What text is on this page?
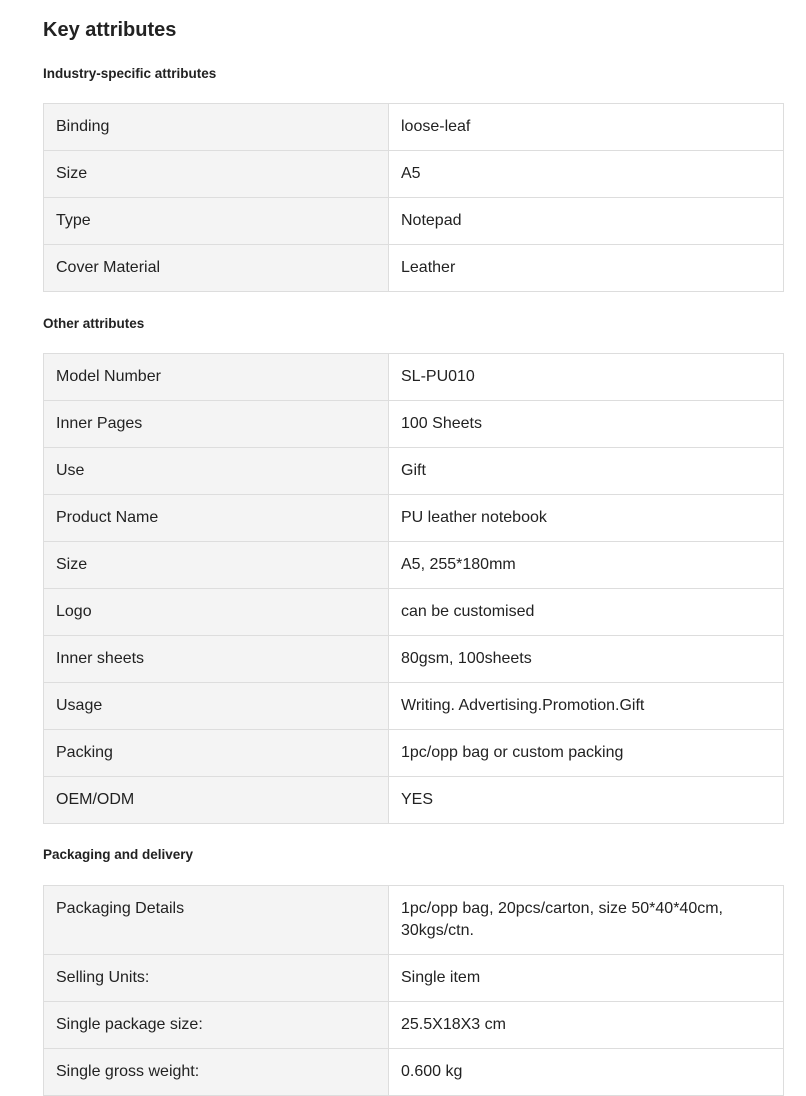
Key attributes
Industry-specific attributes
Binding	loose-leaf
Size	A5
Type	Notepad
Cover Material	Leather
Other attributes
Model Number	SL-PU010
Inner Pages	100 Sheets
Use	Gift
Product Name	PU leather notebook
Size	A5, 255*180mm
Logo	can be customised
Inner sheets	80gsm, 100sheets
Usage	Writing. Advertising.Promotion.Gift
Packing	1pc/opp bag or custom packing
OEM/ODM	YES
Packaging and delivery
Packaging Details	1pc/opp bag, 20pcs/carton, size 50*40*40cm, 30kgs/ctn.
Selling Units:	Single item
Single package size:	25.5X18X3 cm
Single gross weight:	0.600 kg
